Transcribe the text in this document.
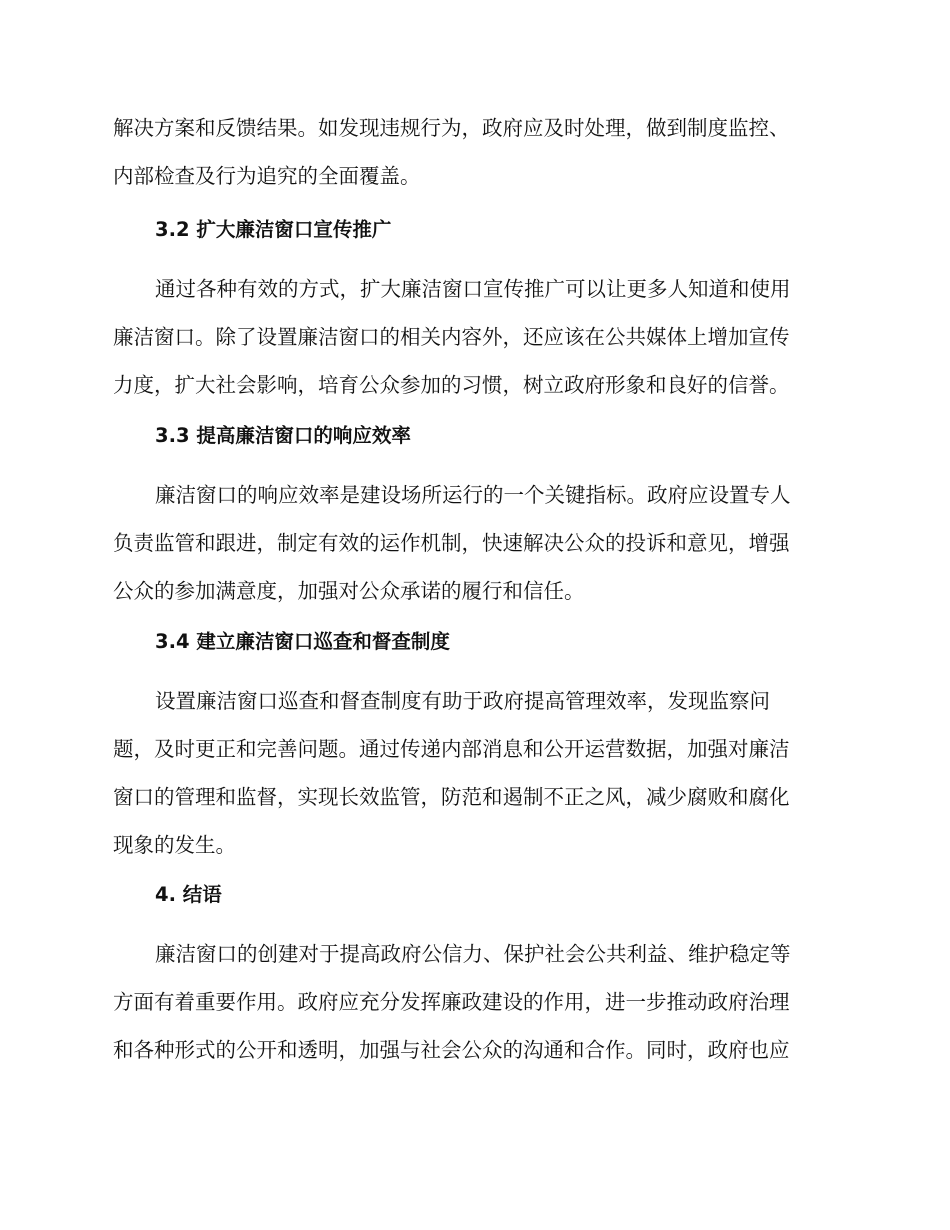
解决方案和反馈结果。如发现违规行为，政府应及时处理，做到制度监控、
内部检查及行为追究的全面覆盖。
3.2 扩大廉洁窗口宣传推广
通过各种有效的方式，扩大廉洁窗口宣传推广可以让更多人知道和使用
廉洁窗口。除了设置廉洁窗口的相关内容外，还应该在公共媒体上增加宣传
力度，扩大社会影响，培育公众参加的习惯，树立政府形象和良好的信誉。
3.3 提高廉洁窗口的响应效率
廉洁窗口的响应效率是建设场所运行的一个关键指标。政府应设置专人
负责监管和跟进，制定有效的运作机制，快速解决公众的投诉和意见，增强
公众的参加满意度，加强对公众承诺的履行和信任。
3.4 建立廉洁窗口巡查和督查制度
设置廉洁窗口巡查和督查制度有助于政府提高管理效率，发现监察问
题，及时更正和完善问题。通过传递内部消息和公开运营数据，加强对廉洁
窗口的管理和监督，实现长效监管，防范和遏制不正之风，减少腐败和腐化
现象的发生。
4. 结语
廉洁窗口的创建对于提高政府公信力、保护社会公共利益、维护稳定等
方面有着重要作用。政府应充分发挥廉政建设的作用，进一步推动政府治理
和各种形式的公开和透明，加强与社会公众的沟通和合作。同时，政府也应
